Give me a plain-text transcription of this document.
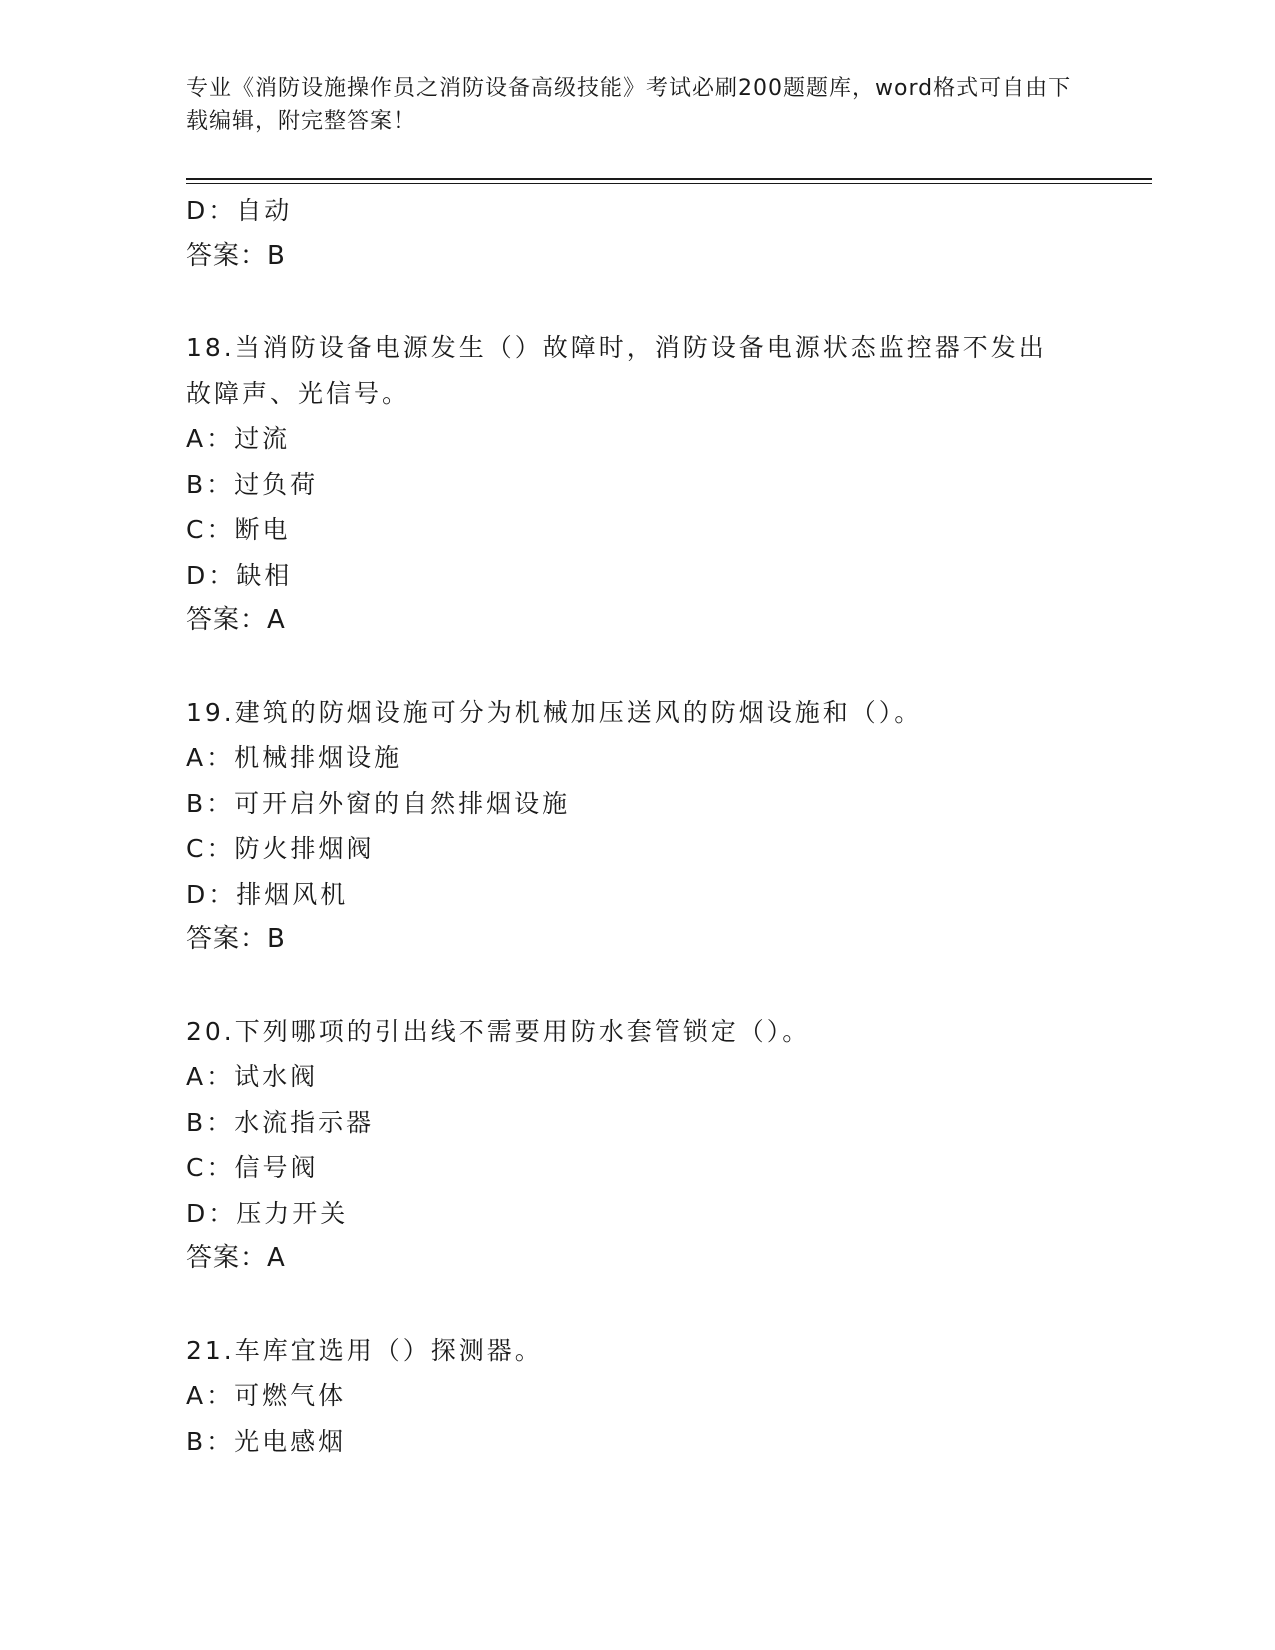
专业《消防设施操作员之消防设备高级技能》考试必刷200题题库，word格式可自由下载编辑，附完整答案！
D：自动
答案：B
18.当消防设备电源发生（）故障时，消防设备电源状态监控器不发出
故障声、光信号。
A：过流
B：过负荷
C：断电
D：缺相
答案：A
19.建筑的防烟设施可分为机械加压送风的防烟设施和（）。
A：机械排烟设施
B：可开启外窗的自然排烟设施
C：防火排烟阀
D：排烟风机
答案：B
20.下列哪项的引出线不需要用防水套管锁定（）。
A：试水阀
B：水流指示器
C：信号阀
D：压力开关
答案：A
21.车库宜选用（）探测器。
A：可燃气体
B：光电感烟
